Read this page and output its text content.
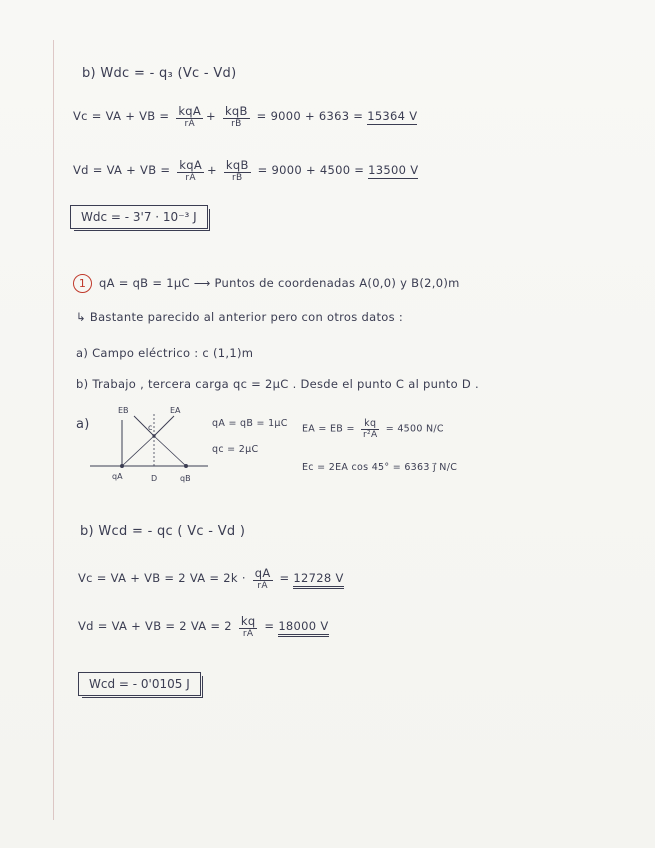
b) Wdc = - q₃ (Vc - Vd)
Vc = VA + VB = $\frac{\text{kqA}}{rA} + \frac{\text{kqB}}{rB} = 9000 + 6363 = 15364$ V
Vd = VA + VB = $\frac{\text{kqA}}{rA} + \frac{\text{kqB}}{rB} = 9000 + 4500 = 13500$ V
Wdc = - 3'7 · 10⁻³ J
1 qA = qB = 1μC ⟶ Puntos de coordenadas A(0,0) y B(2,0)m
↳ Bastante parecido al anterior pero con otros datos :
a) Campo eléctrico : c (1,1)m
b) Trabajo , tercera carga qc = 2μC . Desde el punto C al punto D .
a)
EB	EA
c
qA	D	qB
qA = qB = 1μC
qc = 2μC
EA = EB = $\frac{kq}{\text{r²A}} = 4500$ N/C
Ec = 2EA cos 45° = 6363 j⃗ N/C
b) Wcd = - qc ( Vc - Vd )
Vc = VA + VB = 2 VA = $2k \cdot \frac{qA}{rA} = 12728$ V
Vd = VA + VB = 2 VA = $2 \frac{kq}{rA} = 18000$ V
Wcd = - 0'0105 J
